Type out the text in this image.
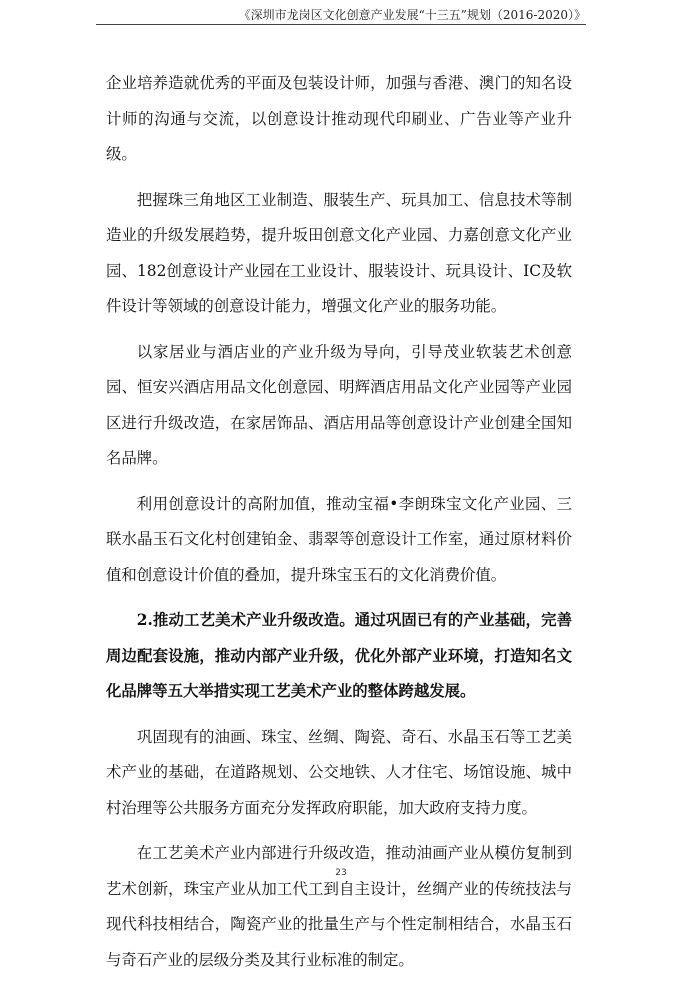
《深圳市龙岗区文化创意产业发展“十三五”规划（2016-2020）》

企业培养造就优秀的平面及包装设计师，加强与香港、澳门的知名设计师的沟通与交流，以创意设计推动现代印刷业、广告业等产业升级。

把握珠三角地区工业制造、服装生产、玩具加工、信息技术等制造业的升级发展趋势，提升坂田创意文化产业园、力嘉创意文化产业园、182创意设计产业园在工业设计、服装设计、玩具设计、IC及软件设计等领域的创意设计能力，增强文化产业的服务功能。

以家居业与酒店业的产业升级为导向，引导茂业软装艺术创意园、恒安兴酒店用品文化创意园、明辉酒店用品文化产业园等产业园区进行升级改造，在家居饰品、酒店用品等创意设计产业创建全国知名品牌。

利用创意设计的高附加值，推动宝福•李朗珠宝文化产业园、三联水晶玉石文化村创建铂金、翡翠等创意设计工作室，通过原材料价值和创意设计价值的叠加，提升珠宝玉石的文化消费价值。

2.推动工艺美术产业升级改造。通过巩固已有的产业基础，完善周边配套设施，推动内部产业升级，优化外部产业环境，打造知名文化品牌等五大举措实现工艺美术产业的整体跨越发展。

巩固现有的油画、珠宝、丝绸、陶瓷、奇石、水晶玉石等工艺美术产业的基础，在道路规划、公交地铁、人才住宅、场馆设施、城中村治理等公共服务方面充分发挥政府职能，加大政府支持力度。

在工艺美术产业内部进行升级改造，推动油画产业从模仿复制到艺术创新，珠宝产业从加工代工到自主设计，丝绸产业的传统技法与现代科技相结合，陶瓷产业的批量生产与个性定制相结合，水晶玉石与奇石产业的层级分类及其行业标准的制定。

23
